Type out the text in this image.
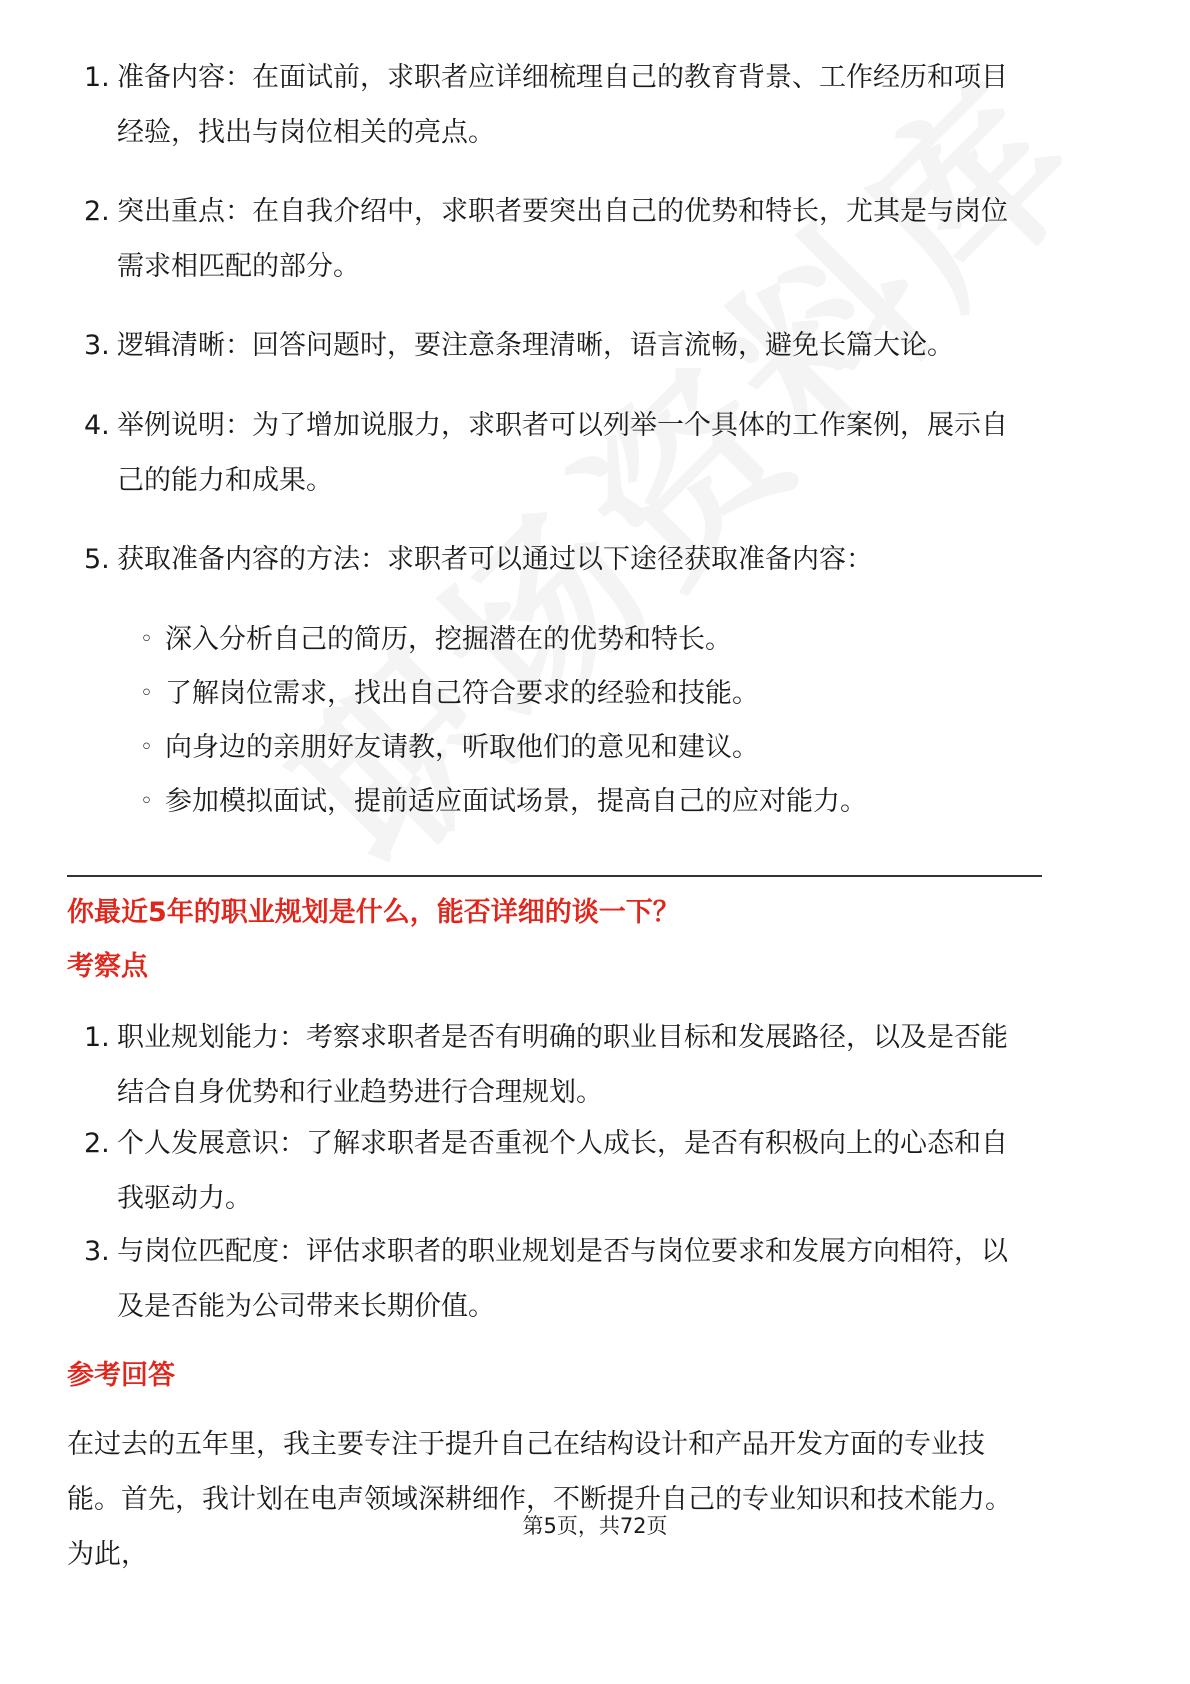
1. 准备内容：在面试前，求职者应详细梳理自己的教育背景、工作经历和项目经验，找出与岗位相关的亮点。
2. 突出重点：在自我介绍中，求职者要突出自己的优势和特长，尤其是与岗位需求相匹配的部分。
3. 逻辑清晰：回答问题时，要注意条理清晰，语言流畅，避免长篇大论。
4. 举例说明：为了增加说服力，求职者可以列举一个具体的工作案例，展示自己的能力和成果。
5. 获取准备内容的方法：求职者可以通过以下途径获取准备内容：
◦ 深入分析自己的简历，挖掘潜在的优势和特长。
◦ 了解岗位需求，找出自己符合要求的经验和技能。
◦ 向身边的亲朋好友请教，听取他们的意见和建议。
◦ 参加模拟面试，提前适应面试场景，提高自己的应对能力。
你最近5年的职业规划是什么，能否详细的谈一下？
考察点
1. 职业规划能力：考察求职者是否有明确的职业目标和发展路径，以及是否能结合自身优势和行业趋势进行合理规划。
2. 个人发展意识：了解求职者是否重视个人成长，是否有积极向上的心态和自我驱动力。
3. 与岗位匹配度：评估求职者的职业规划是否与岗位要求和发展方向相符，以及是否能为公司带来长期价值。
参考回答
在过去的五年里，我主要专注于提升自己在结构设计和产品开发方面的专业技能。首先，我计划在电声领域深耕细作，不断提升自己的专业知识和技术能力。为此，
第5页，共72页
